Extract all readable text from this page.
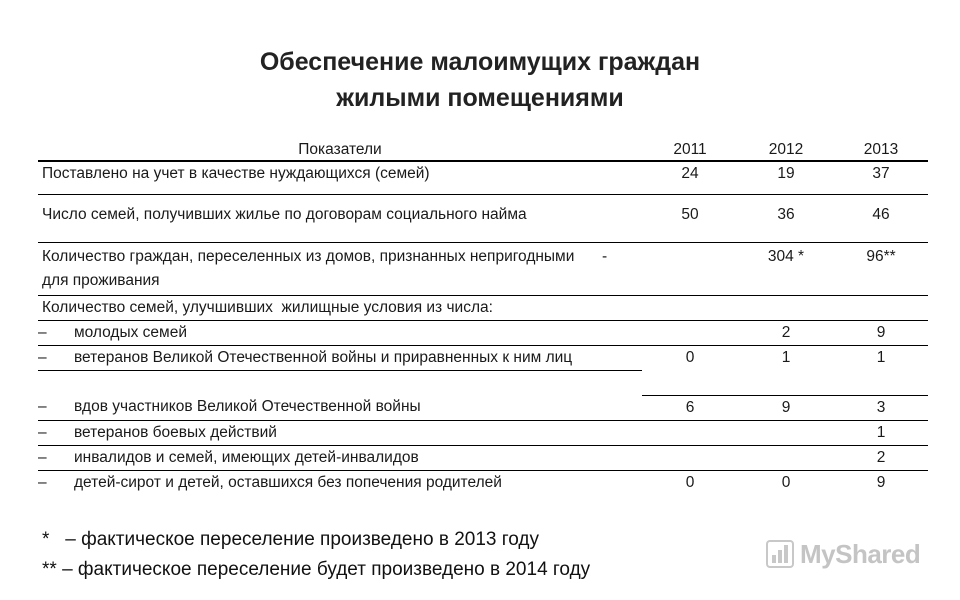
Обеспечение малоимущих граждан
жилыми помещениями
Показатели	2011	2012	2013
Поставлено на учет в качестве нуждающихся (семей)	24	19	37
Число семей, получивших жилье по договорам социального найма	50	36	46
Количество граждан, переселенных из домов, признанных непригодными для проживания	-	304 *	96**
Количество семей, улучшивших  жилищные условия из числа:			
– молодых семей		2	9

–	ветеранов Великой Отечественной войны и приравненных к ним лиц	0	1	1
– вдов участников Великой Отечественной войны	6	9	3
– ветеранов боевых действий			1
– инвалидов и семей, имеющих детей-инвалидов			2
– детей-сирот и детей, оставшихся без попечения родителей	0	0	9
*   – фактическое переселение произведено в 2013 году
** – фактическое переселение будет произведено в 2014 году
MyShared
